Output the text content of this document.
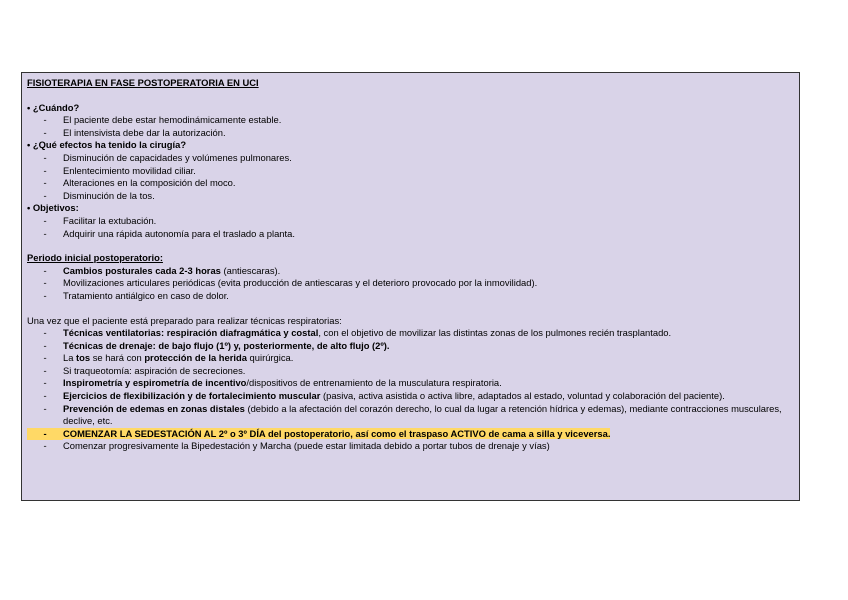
FISIOTERAPIA EN FASE POSTOPERATORIA EN UCI
• ¿Cuándo?
-	El paciente debe estar hemodinámicamente estable.
-	El intensivista debe dar la autorización.
• ¿Qué efectos ha tenido la cirugía?
-	Disminución de capacidades y volúmenes pulmonares.
-	Enlentecimiento movilidad ciliar.
-	Alteraciones en la composición del moco.
-	Disminución de la tos.
• Objetivos:
-	Facilitar la extubación.
-	Adquirir una rápida autonomía para el traslado a planta.
Periodo inicial postoperatorio:
-	Cambios posturales cada 2-3 horas (antiescaras).
-	Movilizaciones articulares periódicas (evita producción de antiescaras y el deterioro provocado por la inmovilidad).
-	Tratamiento antiálgico en caso de dolor.
Una vez que el paciente está preparado para realizar técnicas respiratorias:
-	Técnicas ventilatorias: respiración diafragmática y costal, con el objetivo de movilizar las distintas zonas de los pulmones recién trasplantado.
-	Técnicas de drenaje: de bajo flujo (1º) y, posteriormente, de alto flujo (2º).
-	La tos se hará con protección de la herida quirúrgica.
-	Si traqueotomía: aspiración de secreciones.
-	Inspirometría y espirometría de incentivo/dispositivos de entrenamiento de la musculatura respiratoria.
-	Ejercicios de flexibilización y de fortalecimiento muscular (pasiva, activa asistida o activa libre, adaptados al estado, voluntad y colaboración del paciente).
-	Prevención de edemas en zonas distales (debido a la afectación del corazón derecho, lo cual da lugar a retención hídrica y edemas), mediante contracciones musculares, declive, etc.
-	COMENZAR LA SEDESTACIÓN AL 2º o 3º DÍA del postoperatorio, así como el traspaso ACTIVO de cama a silla y viceversa.
-	Comenzar progresivamente la Bipedestación y Marcha (puede estar limitada debido a portar tubos de drenaje y vías)
